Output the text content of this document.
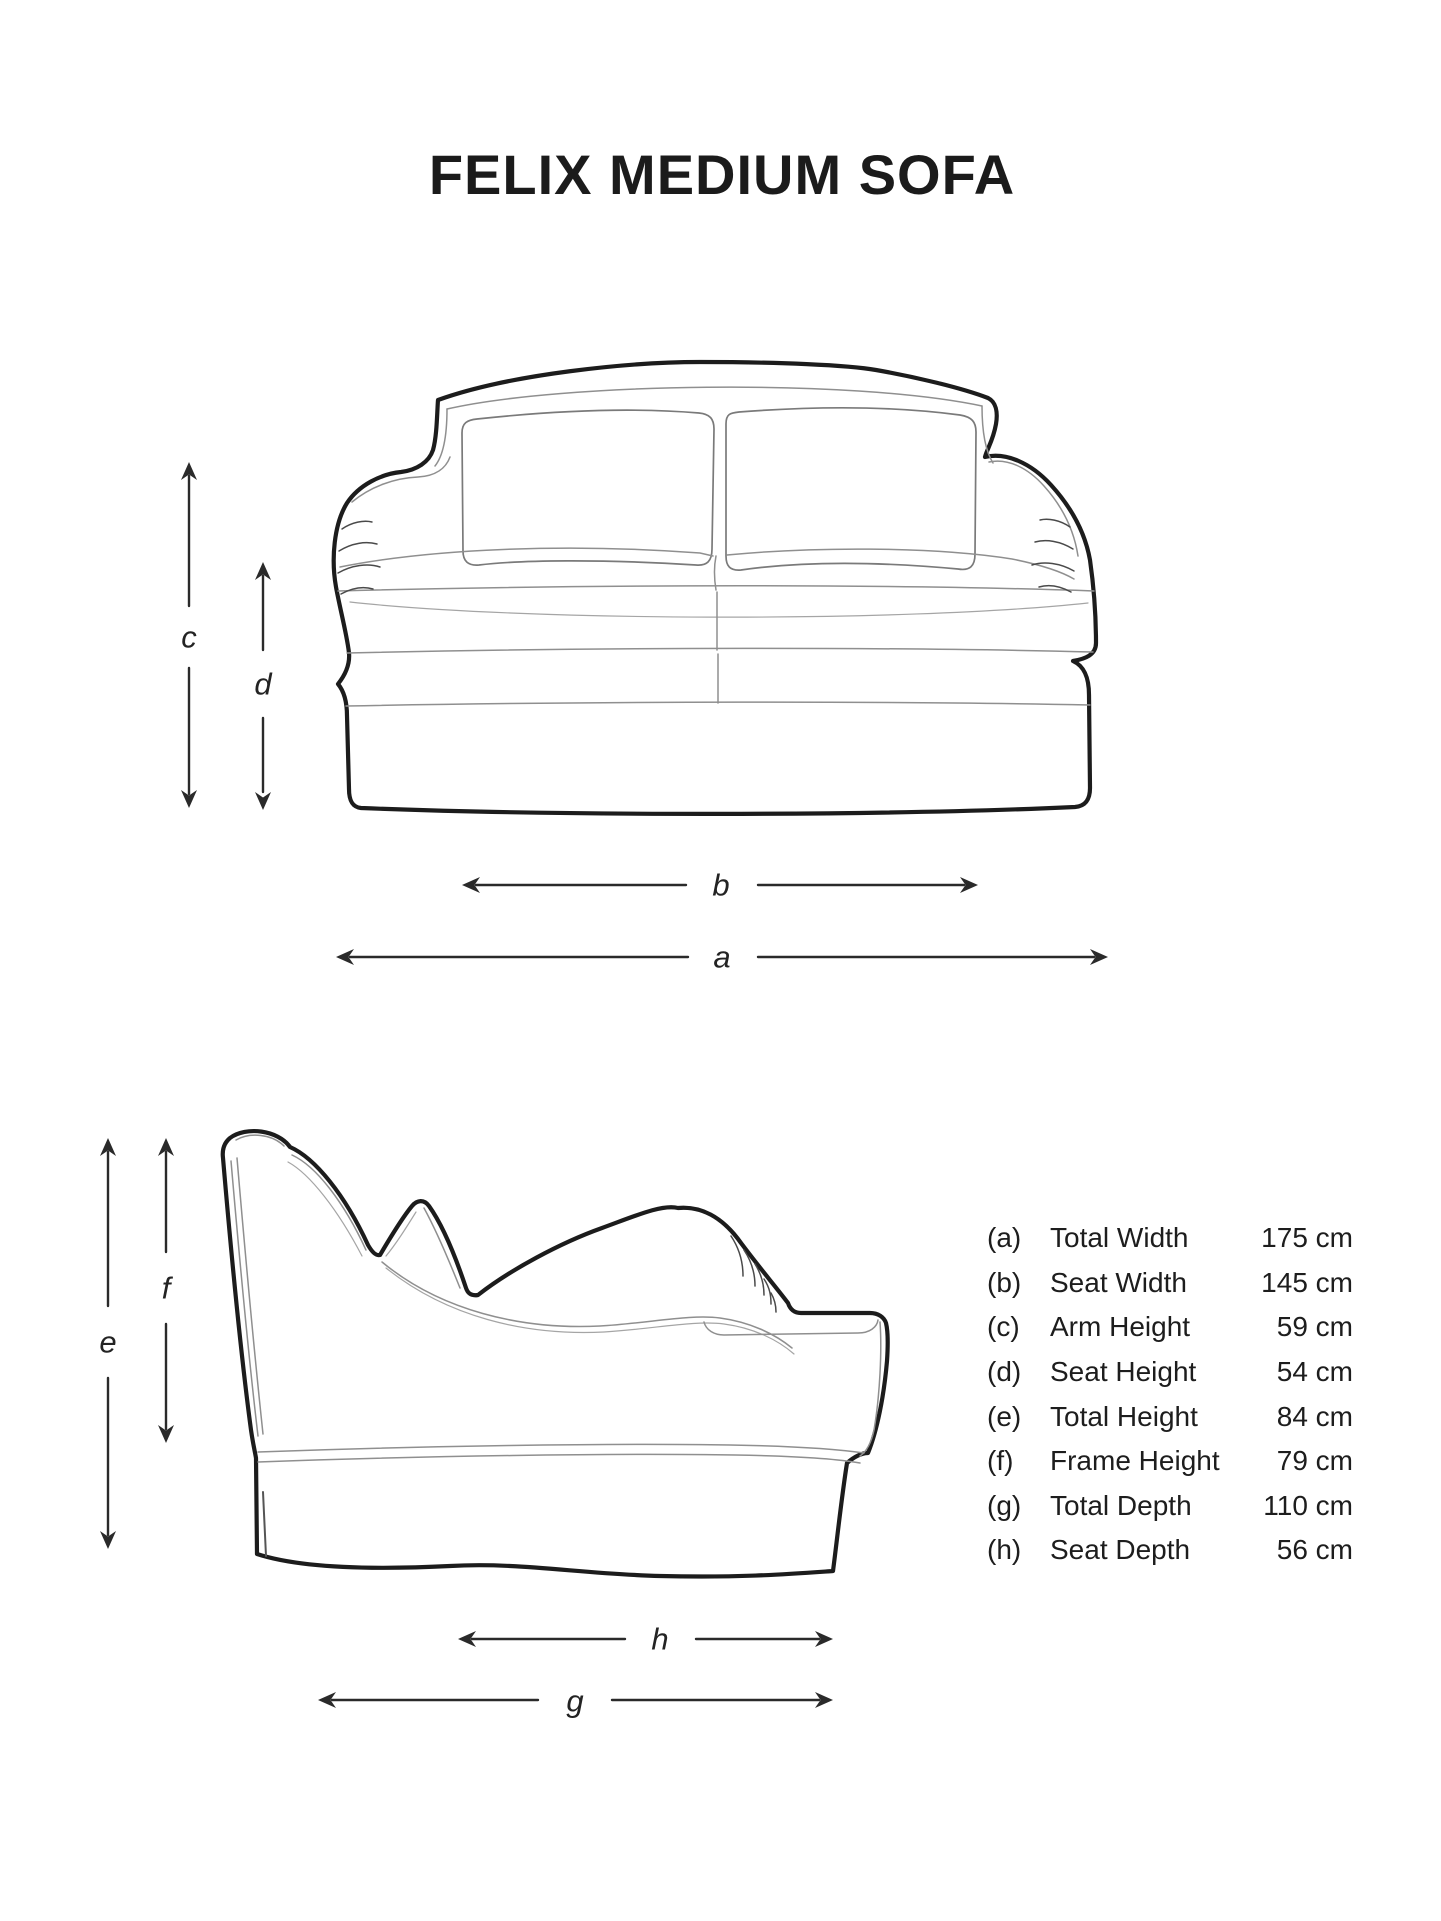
FELIX MEDIUM SOFA
c
d
b
a
e
f
h
g
(a)	Total Width	175 cm
(b)	Seat Width	145 cm
(c)	Arm Height	59 cm
(d)	Seat Height	54 cm
(e)	Total Height	84 cm
(f)	Frame Height	79 cm
(g)	Total Depth	110 cm
(h)	Seat Depth	56 cm
